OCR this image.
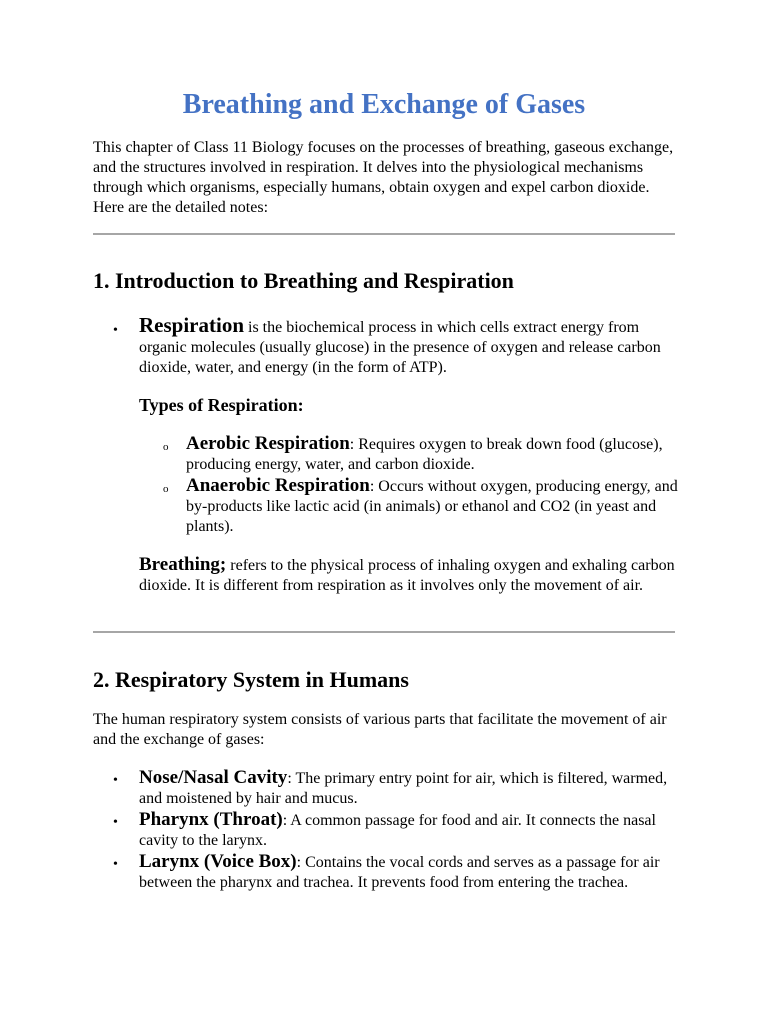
Breathing and Exchange of Gases

This chapter of Class 11 Biology focuses on the processes of breathing, gaseous exchange, and the structures involved in respiration. It delves into the physiological mechanisms through which organisms, especially humans, obtain oxygen and expel carbon dioxide. Here are the detailed notes:

1. Introduction to Breathing and Respiration
• Respiration is the biochemical process in which cells extract energy from organic molecules (usually glucose) in the presence of oxygen and release carbon dioxide, water, and energy (in the form of ATP).

Types of Respiration:
o Aerobic Respiration: Requires oxygen to break down food (glucose), producing energy, water, and carbon dioxide.

o Anaerobic Respiration: Occurs without oxygen, producing energy, and by-products like lactic acid (in animals) or ethanol and CO2 (in yeast and plants).

Breathing; refers to the physical process of inhaling oxygen and exhaling carbon dioxide. It is different from respiration as it involves only the movement of air.

2. Respiratory System in Humans

The human respiratory system consists of various parts that facilitate the movement of air and the exchange of gases:

• Nose/Nasal Cavity: The primary entry point for air, which is filtered, warmed, and moistened by hair and mucus.

• Pharynx (Throat): A common passage for food and air. It connects the nasal cavity to the larynx.

• Larynx (Voice Box): Contains the vocal cords and serves as a passage for air between the pharynx and trachea. It prevents food from entering the trachea.
